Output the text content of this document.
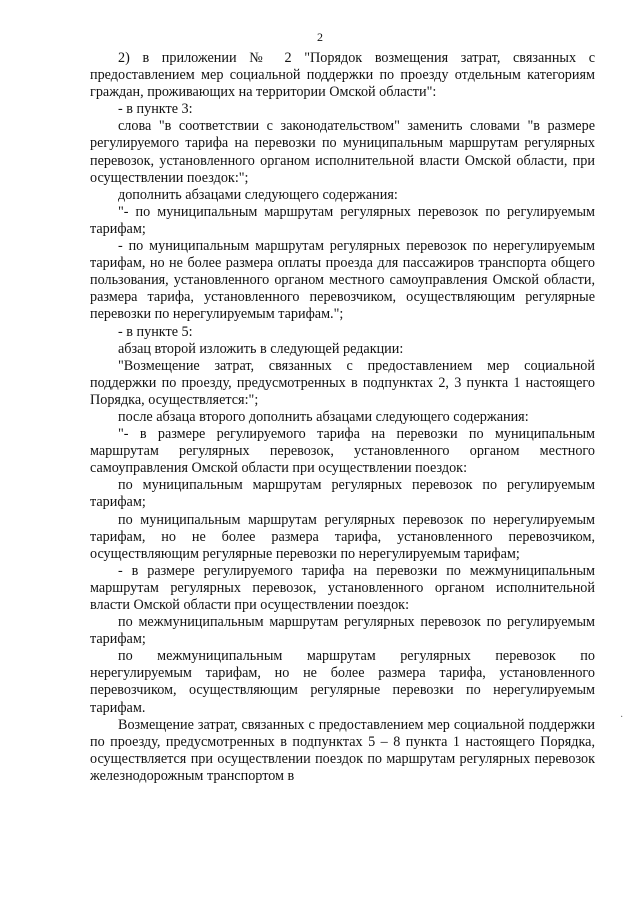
2

2) в приложении № 2 "Порядок возмещения затрат, связанных с предоставлением мер социальной поддержки по проезду отдельным категориям граждан, проживающих на территории Омской области":

- в пункте 3:

слова "в соответствии с законодательством" заменить словами "в размере регулируемого тарифа на перевозки по муниципальным маршрутам регулярных перевозок, установленного органом исполнительной власти Омской области, при осуществлении поездок:";

дополнить абзацами следующего содержания:

"- по муниципальным маршрутам регулярных перевозок по регулируемым тарифам;

- по муниципальным маршрутам регулярных перевозок по нерегулируемым тарифам, но не более размера оплаты проезда для пассажиров транспорта общего пользования, установленного органом местного самоуправления Омской области, размера тарифа, установленного перевозчиком, осуществляющим регулярные перевозки по нерегулируемым тарифам.";

- в пункте 5:

абзац второй изложить в следующей редакции:

"Возмещение затрат, связанных с предоставлением мер социальной поддержки по проезду, предусмотренных в подпунктах 2, 3 пункта 1 настоящего Порядка, осуществляется:";

после абзаца второго дополнить абзацами следующего содержания:

"- в размере регулируемого тарифа на перевозки по муниципальным маршрутам регулярных перевозок, установленного органом местного самоуправления Омской области при осуществлении поездок:

по муниципальным маршрутам регулярных перевозок по регулируемым тарифам;

по муниципальным маршрутам регулярных перевозок по нерегулируемым тарифам, но не более размера тарифа, установленного перевозчиком, осуществляющим регулярные перевозки по нерегулируемым тарифам;

- в размере регулируемого тарифа на перевозки по межмуниципальным маршрутам регулярных перевозок, установленного органом исполнительной власти Омской области при осуществлении поездок:

по межмуниципальным маршрутам регулярных перевозок по регулируемым тарифам;

по межмуниципальным маршрутам регулярных перевозок по нерегулируемым тарифам, но не более размера тарифа, установленного перевозчиком, осуществляющим регулярные перевозки по нерегулируемым тарифам.

Возмещение затрат, связанных с предоставлением мер социальной поддержки по проезду, предусмотренных в подпунктах 5 – 8 пункта 1 настоящего Порядка, осуществляется при осуществлении поездок по маршрутам регулярных перевозок железнодорожным транспортом в

·
